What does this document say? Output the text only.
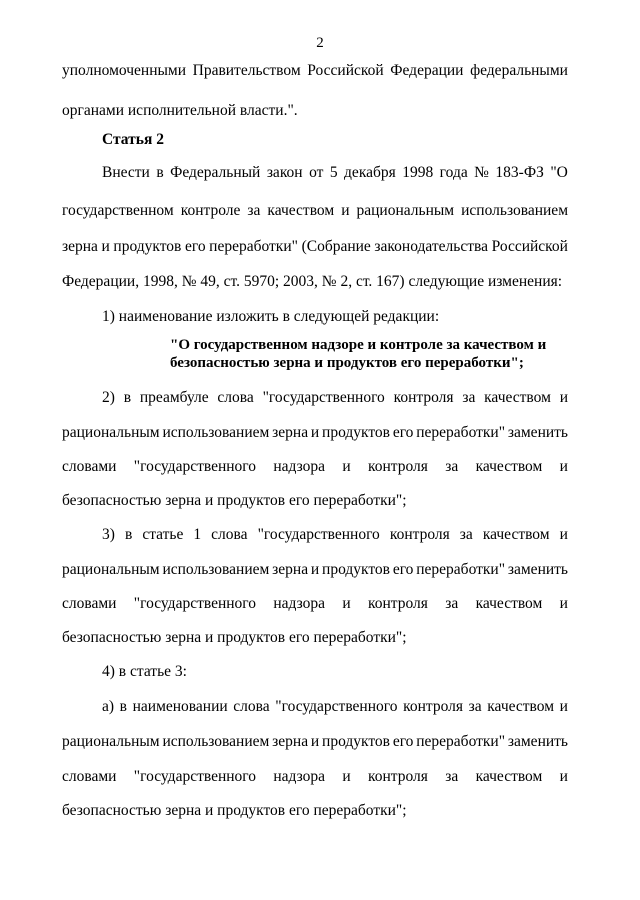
2
уполномоченными Правительством Российской Федерации федеральными
органами исполнительной власти.".
Статья 2
Внести в Федеральный закон от 5 декабря 1998 года № 183-ФЗ "О
государственном контроле за качеством и рациональным использованием
зерна и продуктов его переработки" (Собрание законодательства Российской
Федерации, 1998, № 49, ст. 5970; 2003, № 2, ст. 167) следующие изменения:
1) наименование изложить в следующей редакции:
"О государственном надзоре и контроле за качеством и
безопасностью зерна и продуктов его переработки";
2) в преамбуле слова "государственного контроля за качеством и
рациональным использованием зерна и продуктов его переработки" заменить
словами "государственного надзора и контроля за качеством и
безопасностью зерна и продуктов его переработки";
3) в статье 1 слова "государственного контроля за качеством и
рациональным использованием зерна и продуктов его переработки" заменить
словами "государственного надзора и контроля за качеством и
безопасностью зерна и продуктов его переработки";
4) в статье 3:
а) в наименовании слова "государственного контроля за качеством и
рациональным использованием зерна и продуктов его переработки" заменить
словами "государственного надзора и контроля за качеством и
безопасностью зерна и продуктов его переработки";
